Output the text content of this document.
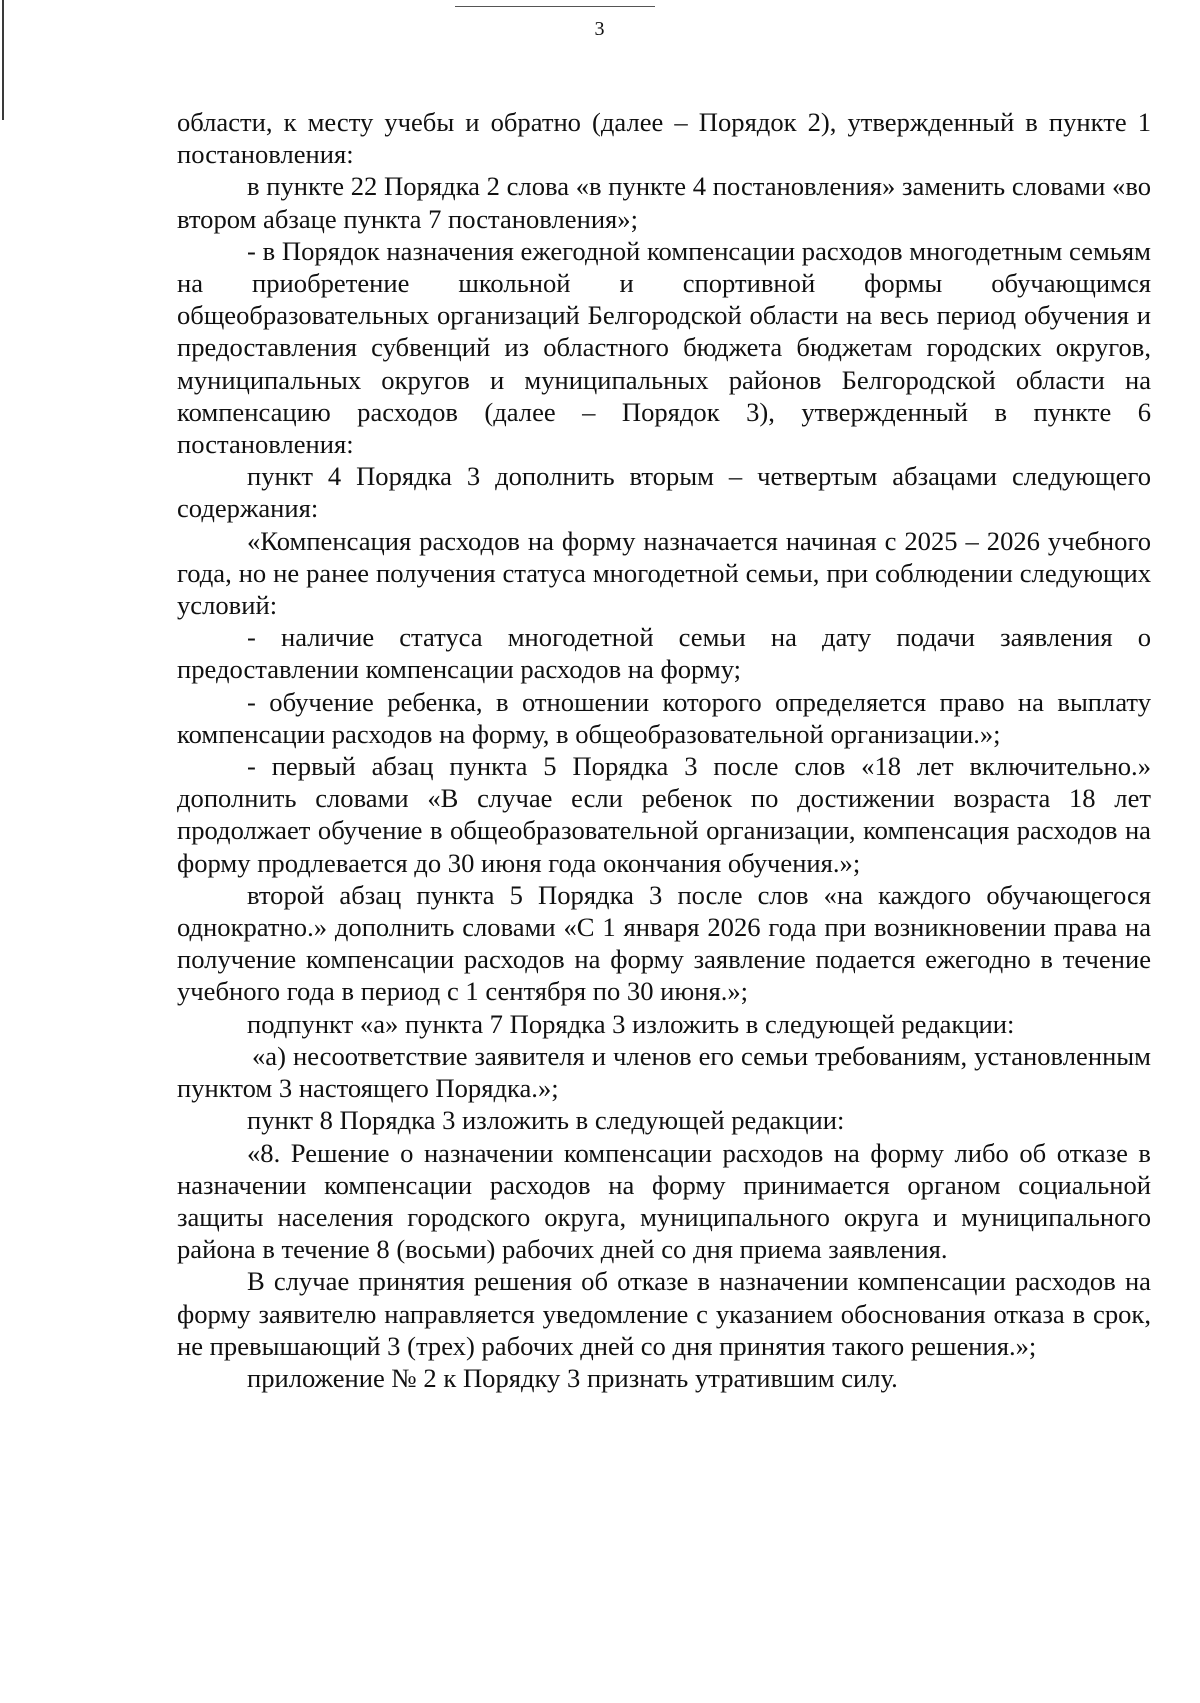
3

области, к месту учебы и обратно (далее – Порядок 2), утвержденный в пункте 1 постановления:

в пункте 22 Порядка 2 слова «в пункте 4 постановления» заменить словами «во втором абзаце пункта 7 постановления»;

- в Порядок назначения ежегодной компенсации расходов многодетным семьям на приобретение школьной и спортивной формы обучающимся общеобразовательных организаций Белгородской области на весь период обучения и предоставления субвенций из областного бюджета бюджетам городских округов, муниципальных округов и муниципальных районов Белгородской области на компенсацию расходов (далее – Порядок 3), утвержденный в пункте 6 постановления:

пункт 4 Порядка 3 дополнить вторым – четвертым абзацами следующего содержания:

«Компенсация расходов на форму назначается начиная с 2025 – 2026 учебного года, но не ранее получения статуса многодетной семьи, при соблюдении следующих условий:

- наличие статуса многодетной семьи на дату подачи заявления о предоставлении компенсации расходов на форму;

- обучение ребенка, в отношении которого определяется право на выплату компенсации расходов на форму, в общеобразовательной организации.»;

- первый абзац пункта 5 Порядка 3 после слов «18 лет включительно.» дополнить словами «В случае если ребенок по достижении возраста 18 лет продолжает обучение в общеобразовательной организации, компенсация расходов на форму продлевается до 30 июня года окончания обучения.»;

второй абзац пункта 5 Порядка 3 после слов «на каждого обучающегося однократно.» дополнить словами «С 1 января 2026 года при возникновении права на получение компенсации расходов на форму заявление подается ежегодно в течение учебного года в период с 1 сентября по 30 июня.»;

подпункт «а» пункта 7 Порядка 3 изложить в следующей редакции:

«а) несоответствие заявителя и членов его семьи требованиям, установленным пунктом 3 настоящего Порядка.»;

пункт 8 Порядка 3 изложить в следующей редакции:

«8. Решение о назначении компенсации расходов на форму либо об отказе в назначении компенсации расходов на форму принимается органом социальной защиты населения городского округа, муниципального округа и муниципального района в течение 8 (восьми) рабочих дней со дня приема заявления.

В случае принятия решения об отказе в назначении компенсации расходов на форму заявителю направляется уведомление с указанием обоснования отказа в срок, не превышающий 3 (трех) рабочих дней со дня принятия такого решения.»;

приложение № 2 к Порядку 3 признать утратившим силу.
